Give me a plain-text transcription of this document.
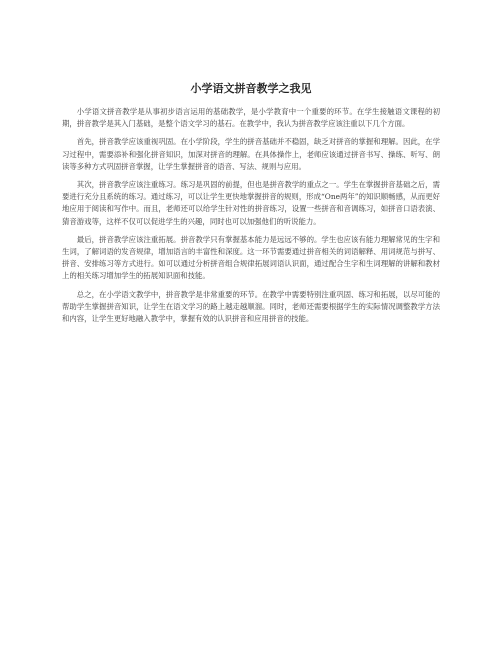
小学语文拼音教学之我见

小学语文拼音教学是从事初步语言运用的基础教学，是小学教育中一个重要的环节。在学生接触语文课程的初期，拼音教学是其入门基础，是整个语文学习的基石。在教学中，我认为拼音教学应该注重以下几个方面。

首先，拼音教学应该重视巩固。在小学阶段，学生的拼音基础并不稳固，缺乏对拼音的掌握和理解。因此，在学习过程中，需要添补和强化拼音知识，加深对拼音的理解。在具体操作上，老师应该通过拼音书写、操练、听写、朗读等多种方式巩固拼音掌握，让学生掌握拼音的语音、写法、规则与应用。

其次，拼音教学应该注重练习。练习是巩固的前提，但也是拼音教学的重点之一。学生在掌握拼音基础之后，需要进行充分且系统的练习。通过练习，可以让学生更快地掌握拼音的规则，形成“One两年”的知识顺畅感，从而更好地应用于阅读和写作中。而且，老师还可以给学生针对性的拼音练习，设置一些拼音和音调练习，如拼音口语表演、猜音游戏等，这样不仅可以促进学生的兴趣，同时也可以加强他们的听说能力。

最后，拼音教学应该注重拓展。拼音教学只有掌握基本能力是远远不够的。学生也应该有能力理解常见的生字和生词，了解词语的发音规律，增加语言的丰富性和深度。这一环节需要通过拼音相关的词语解释、用词规范与拼写、拼音、安排练习等方式进行。如可以通过分析拼音组合规律拓展词语认识面，通过配合生字和生词理解的讲解和教材上的相关练习增加学生的拓展知识面和技能。

总之，在小学语文教学中，拼音教学是非常重要的环节。在教学中需要特别注重巩固、练习和拓展，以尽可能的帮助学生掌握拼音知识，让学生在语文学习的路上越走越顺溜。同时，老师还需要根据学生的实际情况调整教学方法和内容，让学生更好地融入教学中，掌握有效的认识拼音和应用拼音的技能。
